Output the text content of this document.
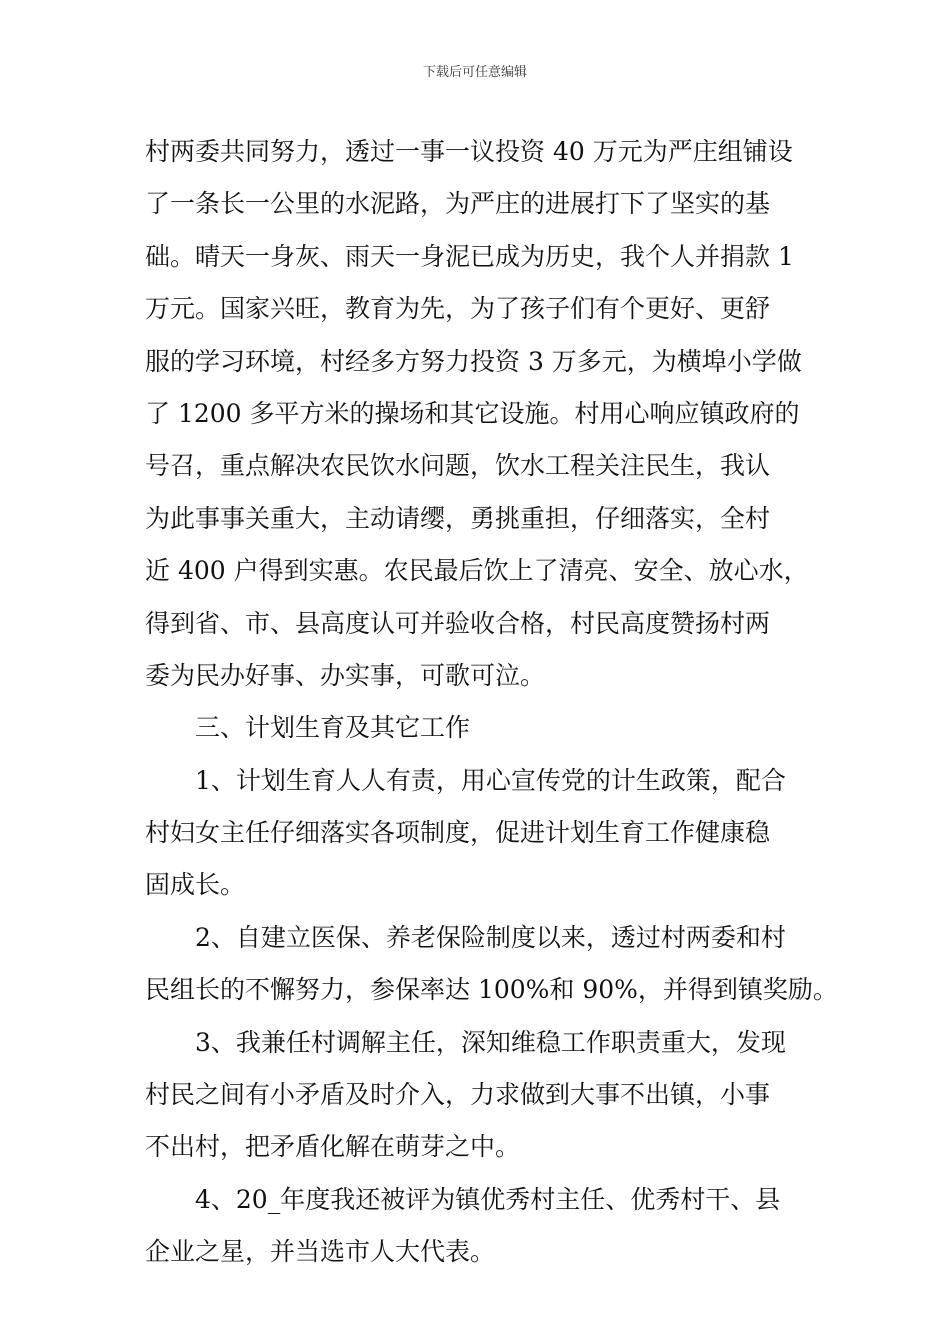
下载后可任意编辑
村两委共同努力，透过一事一议投资 40 万元为严庄组铺设
了一条长一公里的水泥路，为严庄的进展打下了坚实的基
础。晴天一身灰、雨天一身泥已成为历史，我个人并捐款 1
万元。国家兴旺，教育为先，为了孩子们有个更好、更舒
服的学习环境，村经多方努力投资 3 万多元，为横埠小学做
了 1200 多平方米的操场和其它设施。村用心响应镇政府的
号召，重点解决农民饮水问题，饮水工程关注民生，我认
为此事事关重大，主动请缨，勇挑重担，仔细落实，全村
近 400 户得到实惠。农民最后饮上了清亮、安全、放心水，
得到省、市、县高度认可并验收合格，村民高度赞扬村两
委为民办好事、办实事，可歌可泣。
三、计划生育及其它工作
1、计划生育人人有责，用心宣传党的计生政策，配合
村妇女主任仔细落实各项制度，促进计划生育工作健康稳
固成长。
2、自建立医保、养老保险制度以来，透过村两委和村
民组长的不懈努力，参保率达 100%和 90%，并得到镇奖励。
3、我兼任村调解主任，深知维稳工作职责重大，发现
村民之间有小矛盾及时介入，力求做到大事不出镇，小事
不出村，把矛盾化解在萌芽之中。
4、20_年度我还被评为镇优秀村主任、优秀村干、县
企业之星，并当选市人大代表。
